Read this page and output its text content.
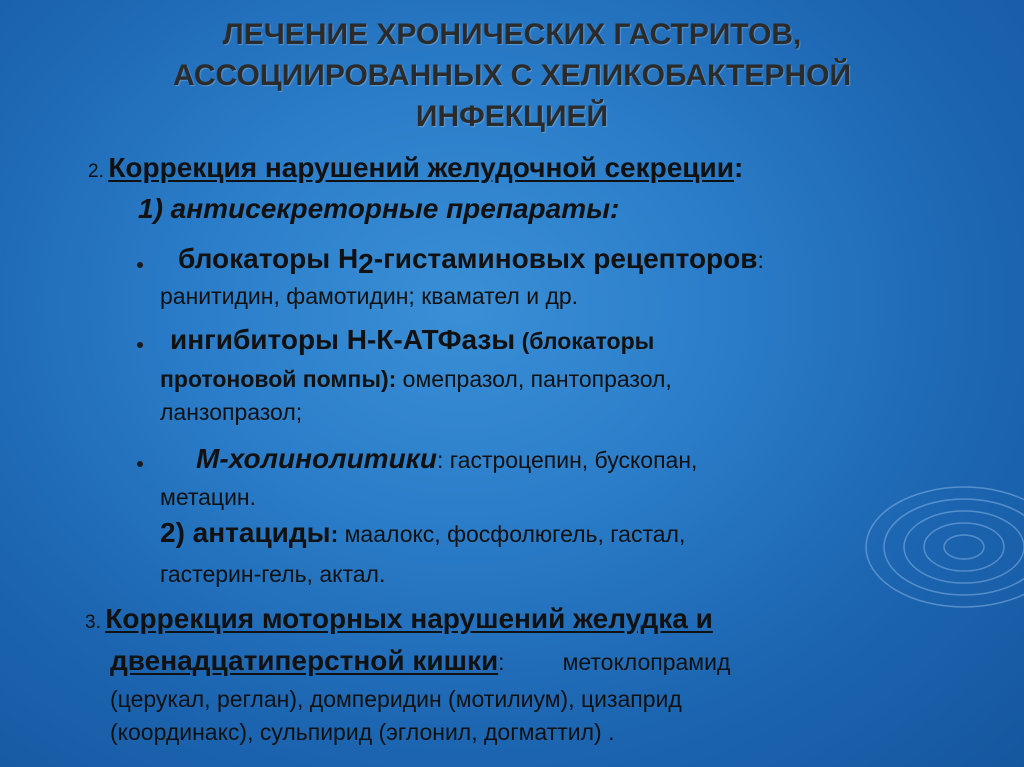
ЛЕЧЕНИЕ ХРОНИЧЕСКИХ ГАСТРИТОВ,
АССОЦИИРОВАННЫХ С ХЕЛИКОБАКТЕРНОЙ
ИНФЕКЦИЕЙ
2. Коррекция нарушений желудочной секреции:
1) антисекреторные препараты:
блокаторы $Н_2$-гистаминовых рецепторов:
ранитидин, фамотидин; квамател и др.
ингибиторы Н-К-АТФазы (блокаторы
протоновой помпы): омепразол, пантопразол,
ланзопразол;
М-холинолитики: гастроцепин, бускопан,
метацин.
2) антациды: маалокс, фосфолюгель, гастал,
гастерин-гель, актал.
3. Коррекция моторных нарушений желудка и
двенадцатиперстной кишки:	метоклопрамид
(церукал, реглан), домперидин (мотилиум), цизаприд
(координакс), сульпирид (эглонил, догматтил) .
